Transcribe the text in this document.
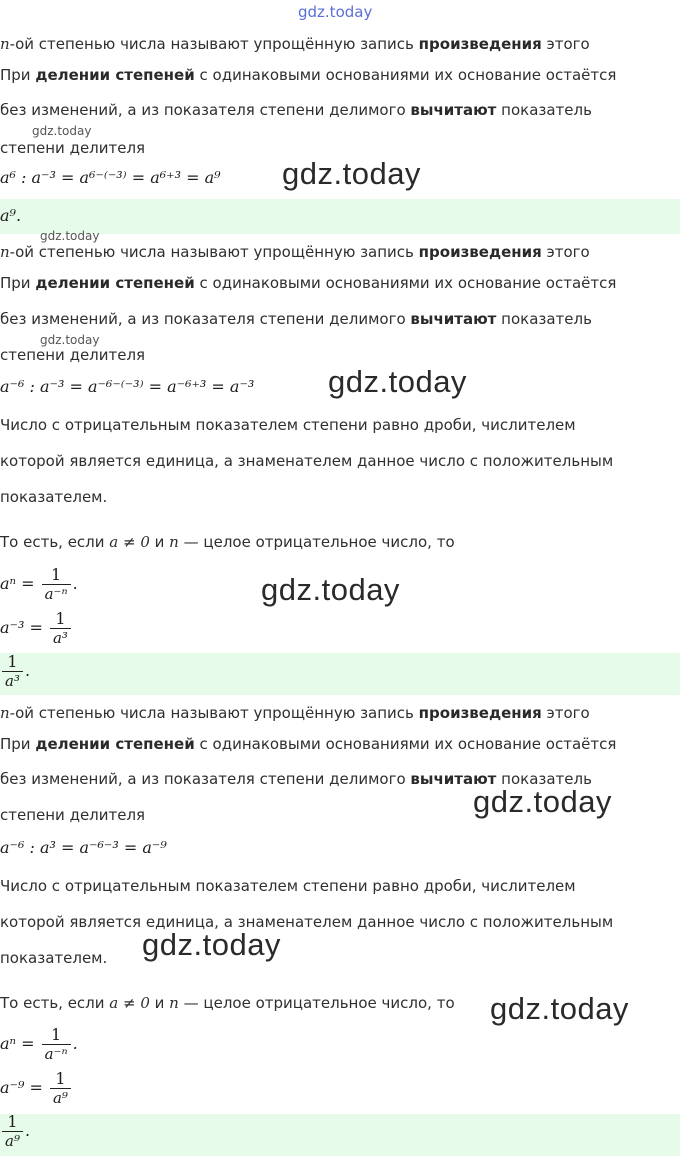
gdz.today
n-ой степенью числа называют упрощённую запись произведения этого
При делении степеней с одинаковыми основаниями их основание остаётся
без изменений, а из показателя степени делимого вычитают показатель
gdz.today
степени делителя
a⁶ : a⁻³ = a⁶⁻⁽⁻³⁾ = a⁶⁺³ = a⁹ gdz.today
a⁹.
gdz.today
n-ой степенью числа называют упрощённую запись произведения этого
При делении степеней с одинаковыми основаниями их основание остаётся
без изменений, а из показателя степени делимого вычитают показатель
gdz.today
степени делителя
a⁻⁶ : a⁻³ = a⁻⁶⁻⁽⁻³⁾ = a⁻⁶⁺³ = a⁻³ gdz.today
Число с отрицательным показателем степени равно дроби, числителем
которой является единица, а знаменателем данное число с положительным
показателем.
То есть, если a ≠ 0 и n — целое отрицательное число, то
$a^n = \frac{1}{\text{a⁻ⁿ}}$ .	gdz.today
$a^{-3} = \frac{1}{\text{a³}}$
$\frac{1}{\text{a³}}$ .
n-ой степенью числа называют упрощённую запись произведения этого
При делении степеней с одинаковыми основаниями их основание остаётся
без изменений, а из показателя степени делимого вычитают показатель
gdz.today
степени делителя
a⁻⁶ : a³ = a⁻⁶⁻³ = a⁻⁹
Число с отрицательным показателем степени равно дроби, числителем
которой является единица, а знаменателем данное число с положительным
показателем. gdz.today
То есть, если a ≠ 0 и n — целое отрицательное число, то gdz.today
$a^n = \frac{1}{\text{a⁻ⁿ}}$ .
$a^{-9} = \frac{1}{\text{a⁹}}$
$\frac{1}{\text{a⁹}}$ .
